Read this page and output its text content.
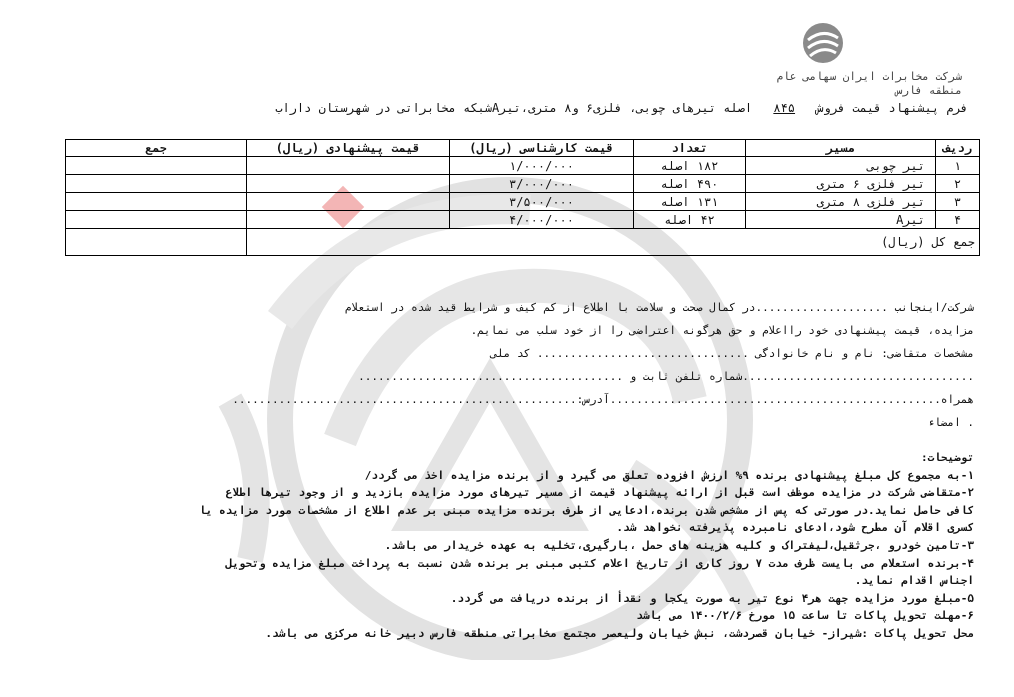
شرکت مخابرات ایران سهامی عام
منطقه فارس
فرم پیشنهاد قیمت فروش ۸۴۵ اصله تیرهای چوبی، فلزی۶ و۸ متری،تیرAشبکه مخابراتی در شهرستان داراب
ردیف	مسیر	تعداد	قیمت کارشناسی (ریال)	قیمت پیشنهادی (ریال)	جمع
۱	تیر چوبی	۱۸۲ اصله	۱/۰۰۰/۰۰۰		
۲	تیر فلزی ۶ متری	۴۹۰ اصله	۳/۰۰۰/۰۰۰		
۳	تیر فلزی ۸ متری	۱۳۱ اصله	۳/۵۰۰/۰۰۰		
۴	تیرA	۴۲ اصله	۴/۰۰۰/۰۰۰		
جمع کل (ریال)					

شرکت/اینجانب ....................در کمال صحت و سلامت با اطلاع از کم کیف و شرایط قید شده در استعلام

مزایده، قیمت پیشنهادی خود رااعلام و حق هرگونه اعتراضی را از خود سلب می نمایم.

مشخصات متقاضی: نام و نام خانوادگی ................................ کد ملی

...................................شماره تلفن ثابت و ........................................

همراه..................................................آدرس:....................................................

. امضاء

توضیحات:

۱-به مجموع کل مبلغ پیشنهادی برنده ۹% ارزش افزوده تعلق می گیرد و از برنده مزایده اخذ می گردد/

۲-متقاضی شرکت در مزایده موظف است قبل از ارائه پیشنهاد قیمت از مسیر تیرهای مورد مزایده بازدید و از وجود تیرها اطلاع

کافی حاصل نماید.در صورتی که پس از مشخص شدن برنده،ادعایی از طرف برنده مزایده مبنی بر عدم اطلاع از مشخصات مورد مزایده یا

کسری اقلام آن مطرح شود،ادعای نامبرده پذیرفته نخواهد شد.

۳-تامین خودرو ،جرثقیل،لیفتراک و کلیه هزینه های حمل ،بارگیری،تخلیه به عهده خریدار می باشد.

۴-برنده استعلام می بایست ظرف مدت ۷ روز کاری از تاریخ اعلام کتبی مبنی بر برنده شدن نسبت به پرداخت مبلغ مزایده وتحویل

اجناس اقدام نماید.

۵-مبلغ مورد مزایده جهت هر۴ نوع تیر به صورت یکجا و نقدأ از برنده دریافت می گردد.

۶-مهلت تحویل پاکات تا ساعت ۱۵ مورخ ۱۴۰۰/۲/۶ می باشد

محل تحویل پاکات :شیراز- خیابان قصردشت، نبش خیابان ولیعصر مجتمع مخابراتی منطقه فارس دبیر خانه مرکزی می باشد.
